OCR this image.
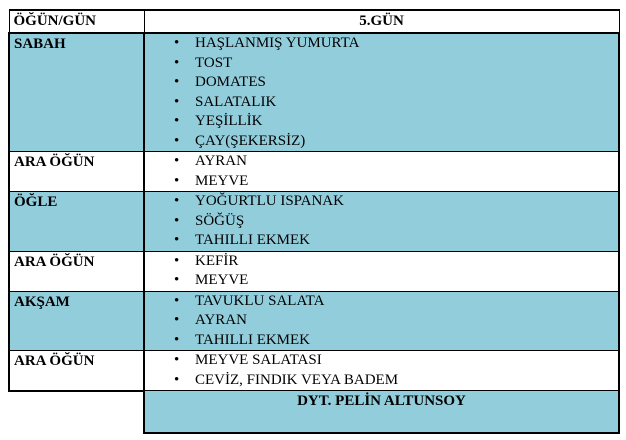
ÖĞÜN/GÜN	5.GÜN
SABAH	
•HAŞLANMIŞ YUMURTA
• TOST
• DOMATES
• SALATALIK
• YEŞİLLİK
• ÇAY(ŞEKERSİZ)

ARA ÖĞÜN	
•AYRAN
• MEYVE

ÖĞLE	
•YOĞURTLU ISPANAK
• SÖĞÜŞ
• TAHILLI EKMEK

ARA ÖĞÜN	
•KEFİR
• MEYVE

AKŞAM	
•TAVUKLU SALATA
• AYRAN
• TAHILLI EKMEK

ARA ÖĞÜN	
•MEYVE SALATASI
• CEVİZ, FINDIK VEYA BADEM

	DYT. PELİN ALTUNSOY
